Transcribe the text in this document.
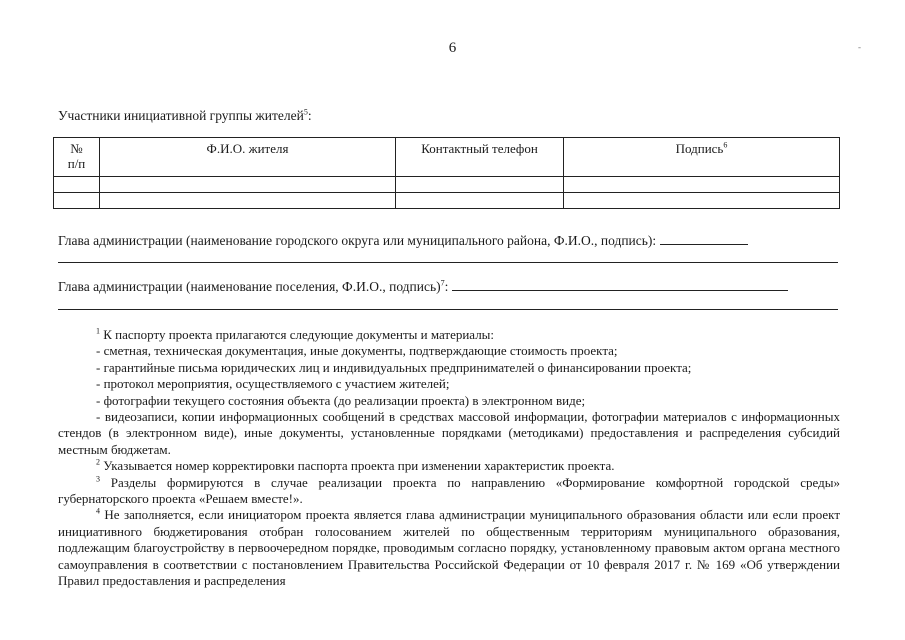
6	-
Участники инициативной группы жителей$^5$:
№
п/п	Ф.И.О. жителя	Контактный телефон	Подпись$^6$

Глава администрации (наименование городского округа или муниципального района, Ф.И.О., подпись):
Глава администрации (наименование поселения, Ф.И.О., подпись)$^7$:

$^1$ К паспорту проекта прилагаются следующие документы и материалы:

- сметная, техническая документация, иные документы, подтверждающие стоимость проекта;

- гарантийные письма юридических лиц и индивидуальных предпринимателей о финансировании проекта;

- протокол мероприятия, осуществляемого с участием жителей;

- фотографии текущего состояния объекта (до реализации проекта) в электронном виде;

- видеозаписи, копии информационных сообщений в средствах массовой информации, фотографии материалов с информационных стендов (в электронном виде), иные документы, установленные порядками (методиками) предоставления и распределения субсидий местным бюджетам.

$^2$ Указывается номер корректировки паспорта проекта при изменении характеристик проекта.

$^3$ Разделы формируются в случае реализации проекта по направлению «Формирование комфортной городской среды» губернаторского проекта «Решаем вместе!».

$^4$ Не заполняется, если инициатором проекта является глава администрации муниципального образования области или если проект инициативного бюджетирования отобран голосованием жителей по общественным территориям муниципального образования, подлежащим благоустройству в первоочередном порядке, проводимым согласно порядку, установленному правовым актом органа местного самоуправления в соответствии с постановлением Правительства Российской Федерации от 10 февраля 2017 г. № 169 «Об утверждении Правил предоставления и распределения
